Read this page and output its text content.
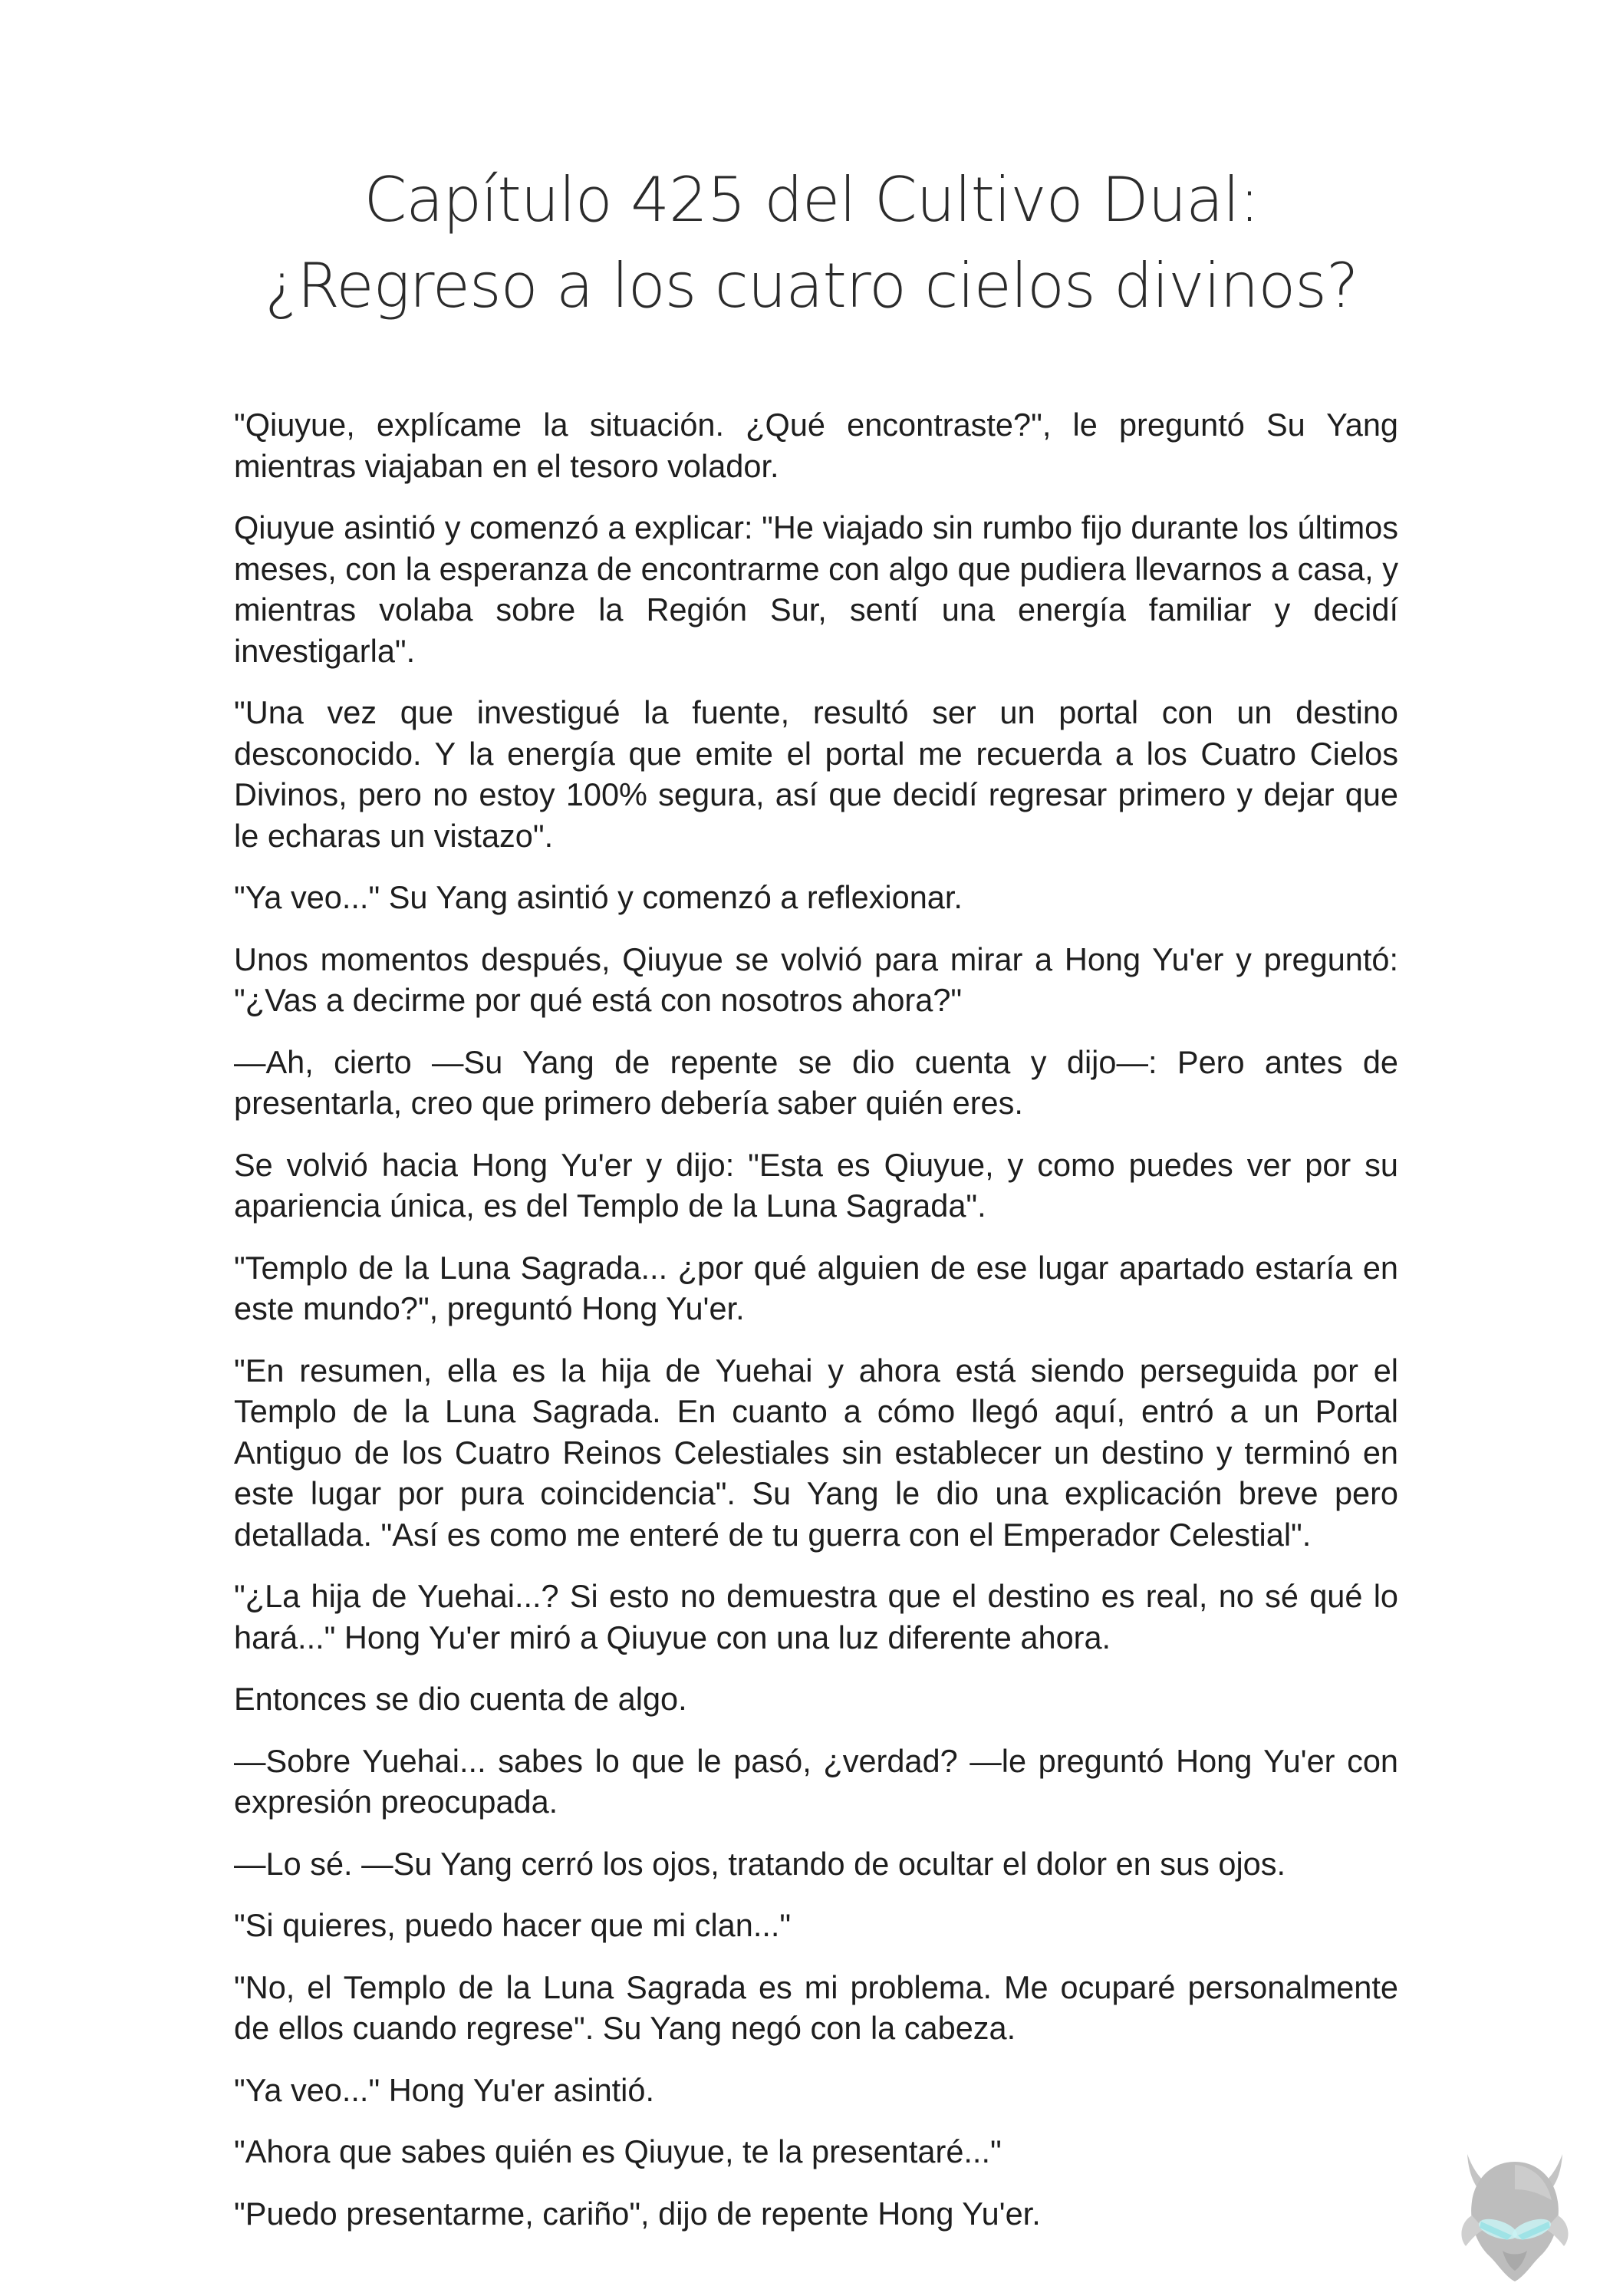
Capítulo 425 del Cultivo Dual:
¿Regreso a los cuatro cielos divinos?

"Qiuyue, explícame la situación. ¿Qué encontraste?", le preguntó Su Yang mientras viajaban en el tesoro volador.

Qiuyue asintió y comenzó a explicar: "He viajado sin rumbo fijo durante los últimos meses, con la esperanza de encontrarme con algo que pudiera llevarnos a casa, y mientras volaba sobre la Región Sur, sentí una energía familiar y decidí investigarla".

"Una vez que investigué la fuente, resultó ser un portal con un destino desconocido. Y la energía que emite el portal me recuerda a los Cuatro Cielos Divinos, pero no estoy 100% segura, así que decidí regresar primero y dejar que le echaras un vistazo".

"Ya veo..." Su Yang asintió y comenzó a reflexionar.

Unos momentos después, Qiuyue se volvió para mirar a Hong Yu'er y preguntó: "¿Vas a decirme por qué está con nosotros ahora?"

—Ah, cierto —Su Yang de repente se dio cuenta y dijo—: Pero antes de presentarla, creo que primero debería saber quién eres.

Se volvió hacia Hong Yu'er y dijo: "Esta es Qiuyue, y como puedes ver por su apariencia única, es del Templo de la Luna Sagrada".

"Templo de la Luna Sagrada... ¿por qué alguien de ese lugar apartado estaría en este mundo?", preguntó Hong Yu'er.

"En resumen, ella es la hija de Yuehai y ahora está siendo perseguida por el Templo de la Luna Sagrada. En cuanto a cómo llegó aquí, entró a un Portal Antiguo de los Cuatro Reinos Celestiales sin establecer un destino y terminó en este lugar por pura coincidencia". Su Yang le dio una explicación breve pero detallada. "Así es como me enteré de tu guerra con el Emperador Celestial".

"¿La hija de Yuehai...? Si esto no demuestra que el destino es real, no sé qué lo hará..." Hong Yu'er miró a Qiuyue con una luz diferente ahora.

Entonces se dio cuenta de algo.

—Sobre Yuehai... sabes lo que le pasó, ¿verdad? —le preguntó Hong Yu'er con expresión preocupada.

—Lo sé. —Su Yang cerró los ojos, tratando de ocultar el dolor en sus ojos.

"Si quieres, puedo hacer que mi clan..."

"No, el Templo de la Luna Sagrada es mi problema. Me ocuparé personalmente de ellos cuando regrese". Su Yang negó con la cabeza.

"Ya veo..." Hong Yu'er asintió.

"Ahora que sabes quién es Qiuyue, te la presentaré..."

"Puedo presentarme, cariño", dijo de repente Hong Yu'er.
